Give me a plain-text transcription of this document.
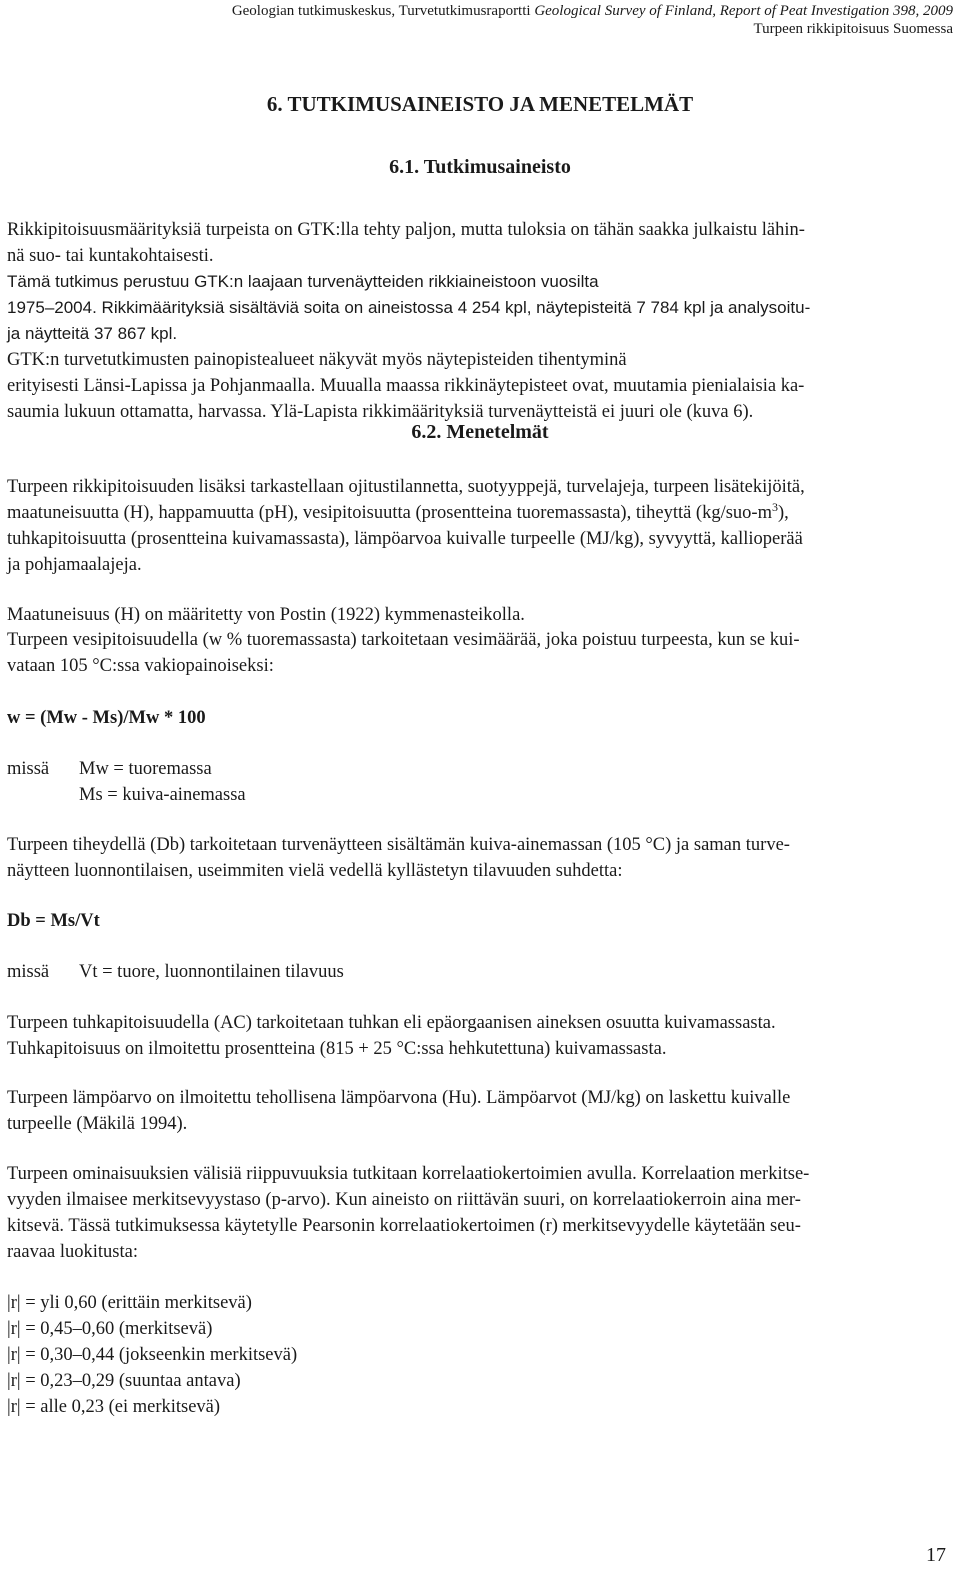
Geologian tutkimuskeskus, Turvetutkimusraportti Geological Survey of Finland, Report of Peat Investigation 398, 2009
Turpeen rikkipitoisuus Suomessa
6. TUTKIMUSAINEISTO JA MENETELMÄT
6.1. Tutkimusaineisto
Rikkipitoisuusmäärityksiä turpeista on GTK:lla tehty paljon, mutta tuloksia on tähän saakka julkaistu lähin-
nä suo- tai kuntakohtaisesti.
Tämä tutkimus perustuu GTK:n laajaan turvenäytteiden rikkiaineistoon vuosilta
1975–2004. Rikkimäärityksiä sisältäviä soita on aineistossa 4 254 kpl, näytepisteitä 7 784 kpl ja analysoitu-
ja näytteitä 37 867 kpl.
GTK:n turvetutkimusten painopistealueet näkyvät myös näytepisteiden tihentyminä
erityisesti Länsi-Lapissa ja Pohjanmaalla. Muualla maassa rikkinäytepisteet ovat, muutamia pienialaisia ka-
saumia lukuun ottamatta, harvassa. Ylä-Lapista rikkimäärityksiä turvenäytteistä ei juuri ole (kuva 6).
6.2. Menetelmät
Turpeen rikkipitoisuuden lisäksi tarkastellaan ojitustilannetta, suotyyppejä, turvelajeja, turpeen lisätekijöitä,
maatuneisuutta (H), happamuutta (pH), vesipitoisuutta (prosentteina tuoremassasta), tiheyttä $(kg/suo-m^3)$,
tuhkapitoisuutta (prosentteina kuivamassasta), lämpöarvoa kuivalle turpeelle (MJ/kg), syvyyttä, kallioperää
ja pohjamaalajeja.
Maatuneisuus (H) on määritetty von Postin (1922) kymmenasteikolla.
Turpeen vesipitoisuudella (w % tuoremassasta) tarkoitetaan vesimäärää, joka poistuu turpeesta, kun se kui-
vataan 105 °C:ssa vakiopainoiseksi:
w = (Mw - Ms)/Mw * 100
missä Mw = tuoremassa
Ms = kuiva-ainemassa
Turpeen tiheydellä (Db) tarkoitetaan turvenäytteen sisältämän kuiva-ainemassan (105 °C) ja saman turve-
näytteen luonnontilaisen, useimmiten vielä vedellä kyllästetyn tilavuuden suhdetta:
Db = Ms/Vt
missä Vt = tuore, luonnontilainen tilavuus
Turpeen tuhkapitoisuudella (AC) tarkoitetaan tuhkan eli epäorgaanisen aineksen osuutta kuivamassasta.
Tuhkapitoisuus on ilmoitettu prosentteina (815 + 25 °C:ssa hehkutettuna) kuivamassasta.
Turpeen lämpöarvo on ilmoitettu tehollisena lämpöarvona (Hu). Lämpöarvot (MJ/kg) on laskettu kuivalle
turpeelle (Mäkilä 1994).
Turpeen ominaisuuksien välisiä riippuvuuksia tutkitaan korrelaatiokertoimien avulla. Korrelaation merkitse-
vyyden ilmaisee merkitsevyystaso (p-arvo). Kun aineisto on riittävän suuri, on korrelaatiokerroin aina mer-
kitsevä. Tässä tutkimuksessa käytetylle Pearsonin korrelaatiokertoimen (r) merkitsevyydelle käytetään seu-
raavaa luokitusta:
|r| = yli 0,60 (erittäin merkitsevä)
|r| = 0,45–0,60 (merkitsevä)
|r| = 0,30–0,44 (jokseenkin merkitsevä)
|r| = 0,23–0,29 (suuntaa antava)
|r| = alle 0,23 (ei merkitsevä)
17
